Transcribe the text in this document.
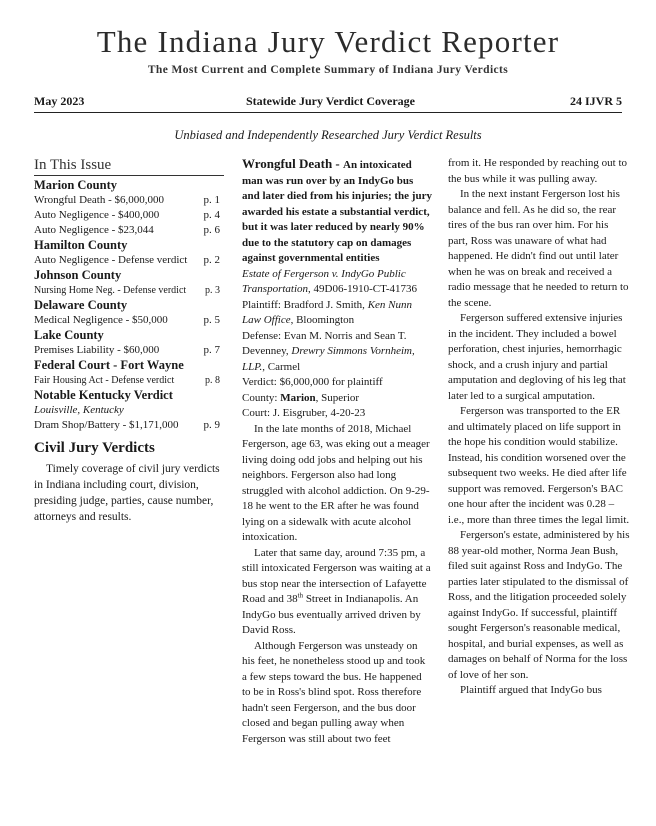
The Indiana Jury Verdict Reporter
The Most Current and Complete Summary of Indiana Jury Verdicts
May 2023	Statewide Jury Verdict Coverage	24 IJVR 5
Unbiased and Independently Researched Jury Verdict Results
In This Issue
Marion County
Wrongful Death - $6,000,000	p. 1
Auto Negligence - $400,000	p. 4
Auto Negligence - $23,044	p. 6
Hamilton County
Auto Negligence - Defense verdict p. 2
Johnson County
Nursing Home Neg. - Defense verdict p. 3
Delaware County
Medical Negligence - $50,000	p. 5
Lake County
Premises Liability - $60,000	p. 7
Federal Court - Fort Wayne
Fair Housing Act - Defense verdict	p. 8
Notable Kentucky Verdict
Louisville, Kentucky
Dram Shop/Battery - $1,171,000 p. 9
Civil Jury Verdicts
Timely coverage of civil jury verdicts in Indiana including court, division, presiding judge, parties, cause number, attorneys and results.
Wrongful Death - An intoxicated man was run over by an IndyGo bus and later died from his injuries; the jury awarded his estate a substantial verdict, but it was later reduced by nearly 90% due to the statutory cap on damages against governmental entities
Estate of Fergerson v. IndyGo Public Transportation, 49D06-1910-CT-41736
Plaintiff: Bradford J. Smith, Ken Nunn Law Office, Bloomington
Defense: Evan M. Norris and Sean T. Devenney, Drewry Simmons Vornheim, LLP., Carmel
Verdict: $6,000,000 for plaintiff
County: Marion, Superior
Court: J. Eisgruber, 4-20-23

In the late months of 2018, Michael Fergerson, age 63, was eking out a meager living doing odd jobs and helping out his neighbors. Fergerson also had long struggled with alcohol addiction. On 9-29-18 he went to the ER after he was found lying on a sidewalk with acute alcohol intoxication.

Later that same day, around 7:35 pm, a still intoxicated Fergerson was waiting at a bus stop near the intersection of Lafayette Road and 38th Street in Indianapolis. An IndyGo bus eventually arrived driven by David Ross.

Although Fergerson was unsteady on his feet, he nonetheless stood up and took a few steps toward the bus. He happened to be in Ross's blind spot. Ross therefore hadn't seen Fergerson, and the bus door closed and began pulling away when Fergerson was still about two feet

from it. He responded by reaching out to the bus while it was pulling away.

In the next instant Fergerson lost his balance and fell. As he did so, the rear tires of the bus ran over him. For his part, Ross was unaware of what had happened. He didn't find out until later when he was on break and received a radio message that he needed to return to the scene.

Fergerson suffered extensive injuries in the incident. They included a bowel perforation, chest injuries, hemorrhagic shock, and a crush injury and partial amputation and degloving of his leg that later led to a surgical amputation.

Fergerson was transported to the ER and ultimately placed on life support in the hope his condition would stabilize. Instead, his condition worsened over the subsequent two weeks. He died after life support was removed. Fergerson's BAC one hour after the incident was 0.28 – i.e., more than three times the legal limit.

Fergerson's estate, administered by his 88 year-old mother, Norma Jean Bush, filed suit against Ross and IndyGo. The parties later stipulated to the dismissal of Ross, and the litigation proceeded solely against IndyGo. If successful, plaintiff sought Fergerson's reasonable medical, hospital, and burial expenses, as well as damages on behalf of Norma for the loss of love of her son.

Plaintiff argued that IndyGo bus
